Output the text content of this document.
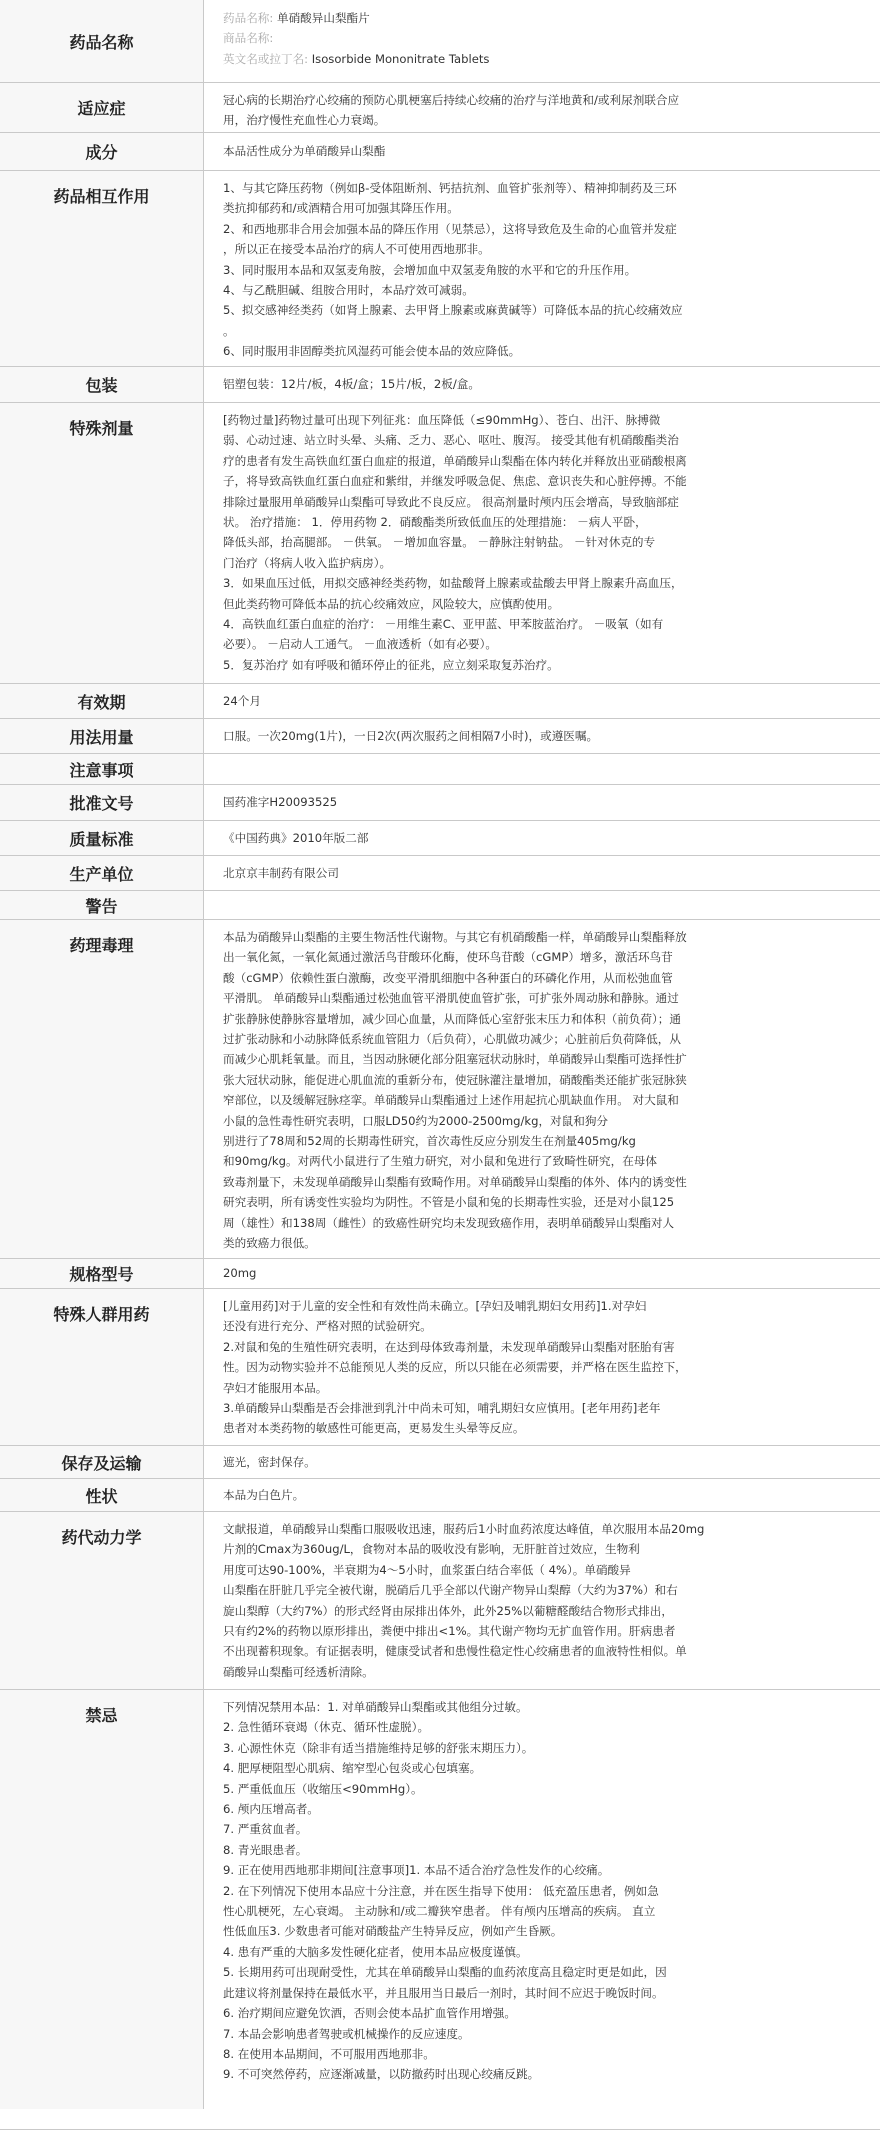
药品名称
药品名称: 单硝酸异山梨酯片
商品名称:
英文名或拉丁名: Isosorbide Mononitrate Tablets
适应症	冠心病的长期治疗心绞痛的预防心肌梗塞后持续心绞痛的治疗与洋地黄和/或利尿剂联合应
用，治疗慢性充血性心力衰竭。
成分	本品活性成分为单硝酸异山梨酯
药品相互作用	1、与其它降压药物（例如β-受体阻断剂、钙拮抗剂、血管扩张剂等）、精神抑制药及三环
类抗抑郁药和/或酒精合用可加强其降压作用。
2、和西地那非合用会加强本品的降压作用（见禁忌），这将导致危及生命的心血管并发症
，所以正在接受本品治疗的病人不可使用西地那非。
3、同时服用本品和双氢麦角胺，会增加血中双氢麦角胺的水平和它的升压作用。
4、与乙酰胆碱、组胺合用时，本品疗效可减弱。
5、拟交感神经类药（如肾上腺素、去甲肾上腺素或麻黄碱等）可降低本品的抗心绞痛效应
。
6、同时服用非固醇类抗风湿药可能会使本品的效应降低。
包装	铝塑包装：12片/板，4板/盒；15片/板，2板/盒。
特殊剂量	[药物过量]药物过量可出现下列征兆：血压降低（≤90mmHg）、苍白、出汗、脉搏微
弱、心动过速、站立时头晕、头痛、乏力、恶心、呕吐、腹泻。 接受其他有机硝酸酯类治
疗的患者有发生高铁血红蛋白血症的报道，单硝酸异山梨酯在体内转化并释放出亚硝酸根离
子，将导致高铁血红蛋白血症和紫绀，并继发呼吸急促、焦虑、意识丧失和心脏停搏。不能
排除过量服用单硝酸异山梨酯可导致此不良反应。 很高剂量时颅内压会增高，导致脑部症
状。 治疗措施： 1．停用药物 2．硝酸酯类所致低血压的处理措施： －病人平卧，
降低头部，抬高腿部。 －供氧。 －增加血容量。 －静脉注射钠盐。 －针对休克的专
门治疗（将病人收入监护病房）。
3．如果血压过低，用拟交感神经类药物，如盐酸肾上腺素或盐酸去甲肾上腺素升高血压，
但此类药物可降低本品的抗心绞痛效应，风险较大，应慎酌使用。
4．高铁血红蛋白血症的治疗： －用维生素C、亚甲蓝、甲苯胺蓝治疗。 －吸氧（如有
必要）。 －启动人工通气。 －血液透析（如有必要）。
5．复苏治疗 如有呼吸和循环停止的征兆，应立刻采取复苏治疗。
有效期	24个月
用法用量	口服。一次20mg(1片)，一日2次(两次服药之间相隔7小时)，或遵医嘱。
注意事项
批准文号	国药准字H20093525
质量标准	《中国药典》2010年版二部
生产单位	北京京丰制药有限公司
警告
药理毒理	本品为硝酸异山梨酯的主要生物活性代谢物。与其它有机硝酸酯一样，单硝酸异山梨酯释放
出一氧化氮，一氧化氮通过激活鸟苷酸环化酶，使环鸟苷酸（cGMP）增多，激活环鸟苷
酸（cGMP）依赖性蛋白激酶，改变平滑肌细胞中各种蛋白的环磷化作用，从而松弛血管
平滑肌。 单硝酸异山梨酯通过松弛血管平滑肌使血管扩张，可扩张外周动脉和静脉。通过
扩张静脉使静脉容量增加，减少回心血量，从而降低心室舒张末压力和体积（前负荷）；通
过扩张动脉和小动脉降低系统血管阻力（后负荷），心肌做功减少；心脏前后负荷降低，从
而减少心肌耗氧量。而且，当因动脉硬化部分阻塞冠状动脉时，单硝酸异山梨酯可选择性扩
张大冠状动脉，能促进心肌血流的重新分布，使冠脉灌注量增加，硝酸酯类还能扩张冠脉狭
窄部位，以及缓解冠脉痉挛。单硝酸异山梨酯通过上述作用起抗心肌缺血作用。 对大鼠和
小鼠的急性毒性研究表明，口服LD50约为2000-2500mg/kg，对鼠和狗分
别进行了78周和52周的长期毒性研究，首次毒性反应分别发生在剂量405mg/kg
和90mg/kg。对两代小鼠进行了生殖力研究，对小鼠和兔进行了致畸性研究，在母体
致毒剂量下，未发现单硝酸异山梨酯有致畸作用。对单硝酸异山梨酯的体外、体内的诱变性
研究表明，所有诱变性实验均为阴性。不管是小鼠和兔的长期毒性实验，还是对小鼠125
周（雄性）和138周（雌性）的致癌性研究均未发现致癌作用，表明单硝酸异山梨酯对人
类的致癌力很低。
规格型号	20mg
特殊人群用药	[儿童用药]对于儿童的安全性和有效性尚未确立。[孕妇及哺乳期妇女用药]1.对孕妇
还没有进行充分、严格对照的试验研究。
2.对鼠和兔的生殖性研究表明，在达到母体致毒剂量，未发现单硝酸异山梨酯对胚胎有害
性。因为动物实验并不总能预见人类的反应，所以只能在必须需要，并严格在医生监控下，
孕妇才能服用本品。
3.单硝酸异山梨酯是否会排泄到乳汁中尚未可知，哺乳期妇女应慎用。[老年用药]老年
患者对本类药物的敏感性可能更高，更易发生头晕等反应。
保存及运输	遮光，密封保存。
性状	本品为白色片。
药代动力学	文献报道，单硝酸异山梨酯口服吸收迅速，服药后1小时血药浓度达峰值，单次服用本品20mg
片剂的Cmax为360ug/L，食物对本品的吸收没有影响，无肝脏首过效应，生物利
用度可达90-100%，半衰期为4～5小时，血浆蛋白结合率低（ 4%）。单硝酸异
山梨酯在肝脏几乎完全被代谢，脱硝后几乎全部以代谢产物异山梨醇（大约为37%）和右
旋山梨醇（大约7%）的形式经肾由尿排出体外，此外25%以葡糖醛酸结合物形式排出，
只有约2%的药物以原形排出，粪便中排出<1%。其代谢产物均无扩血管作用。肝病患者
不出现蓄积现象。有证据表明，健康受试者和患慢性稳定性心绞痛患者的血液特性相似。单
硝酸异山梨酯可经透析清除。
禁忌	下列情况禁用本品：1. 对单硝酸异山梨酯或其他组分过敏。
2. 急性循环衰竭（休克、循环性虚脱）。
3. 心源性休克（除非有适当措施维持足够的舒张末期压力）。
4. 肥厚梗阻型心肌病、缩窄型心包炎或心包填塞。
5. 严重低血压（收缩压<90mmHg）。
6. 颅内压增高者。
7. 严重贫血者。
8. 青光眼患者。
9. 正在使用西地那非期间[注意事项]1. 本品不适合治疗急性发作的心绞痛。
2. 在下列情况下使用本品应十分注意，并在医生指导下使用： 低充盈压患者，例如急
性心肌梗死，左心衰竭。 主动脉和/或二瓣狭窄患者。 伴有颅内压增高的疾病。 直立
性低血压3. 少数患者可能对硝酸盐产生特异反应，例如产生昏厥。
4. 患有严重的大脑多发性硬化症者，使用本品应极度谨慎。
5. 长期用药可出现耐受性，尤其在单硝酸异山梨酯的血药浓度高且稳定时更是如此，因
此建议将剂量保持在最低水平，并且服用当日最后一剂时，其时间不应迟于晚饭时间。
6. 治疗期间应避免饮酒，否则会使本品扩血管作用增强。
7. 本品会影响患者驾驶或机械操作的反应速度。
8. 在使用本品期间，不可服用西地那非。
9. 不可突然停药，应逐渐减量，以防撤药时出现心绞痛反跳。
